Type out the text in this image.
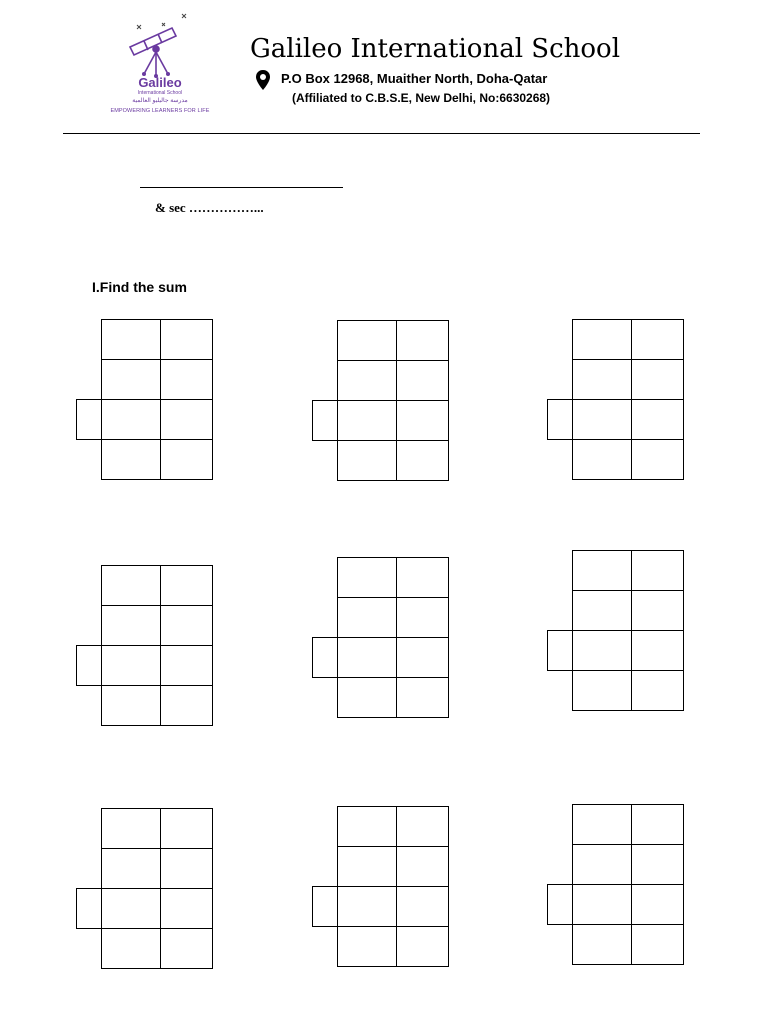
Galileo
International School
مدرسة جاليليو العالمية
EMPOWERING LEARNERS FOR LIFE
Galileo International School
P.O Box 12968, Muaither North, Doha-Qatar
(Affiliated to C.B.S.E, New Delhi, No:6630268)
& sec ……………...
I.Find the sum
